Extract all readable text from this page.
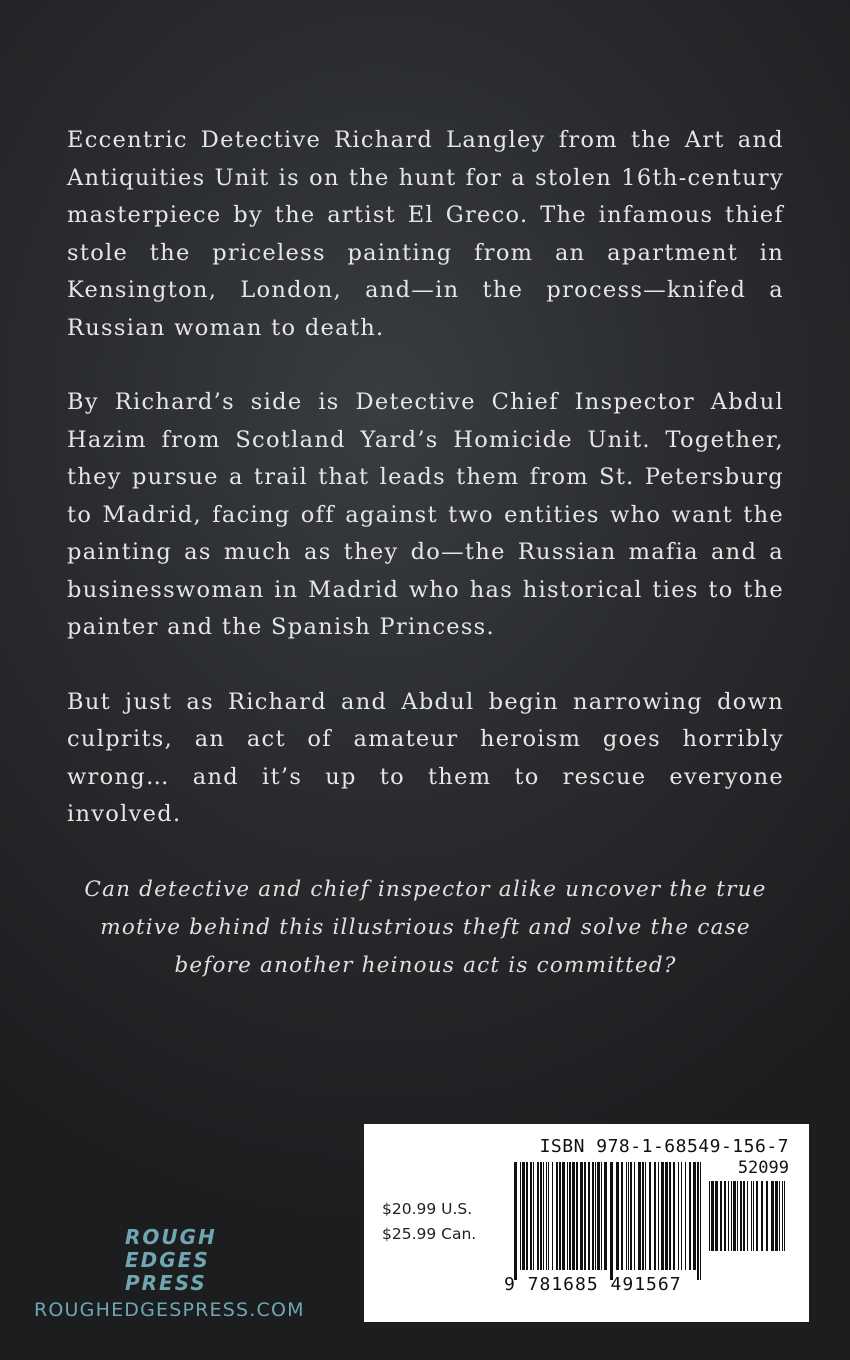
Eccentric Detective Richard Langley from the Art and Antiquities Unit is on the hunt for a stolen 16th-century masterpiece by the artist El Greco. The infamous thief stole the priceless painting from an apartment in Kensington, London, and—in the process—knifed a Russian woman to death.

By Richard’s side is Detective Chief Inspector Abdul Hazim from Scotland Yard’s Homicide Unit. Together, they pursue a trail that leads them from St. Petersburg to Madrid, facing off against two entities who want the painting as much as they do—the Russian mafia and a businesswoman in Madrid who has historical ties to the painter and the Spanish Princess.

But just as Richard and Abdul begin narrowing down culprits, an act of amateur heroism goes horribly wrong… and it’s up to them to rescue everyone involved.

Can detective and chief inspector alike uncover the true motive behind this illustrious theft and solve the case before another heinous act is committed?

ROUGH
EDGES
PRESS
ROUGHEDGESPRESS.COM
$20.99 U.S.
$25.99 Can.
ISBN 978-1-68549-156-7
52099
9 781685 491567
